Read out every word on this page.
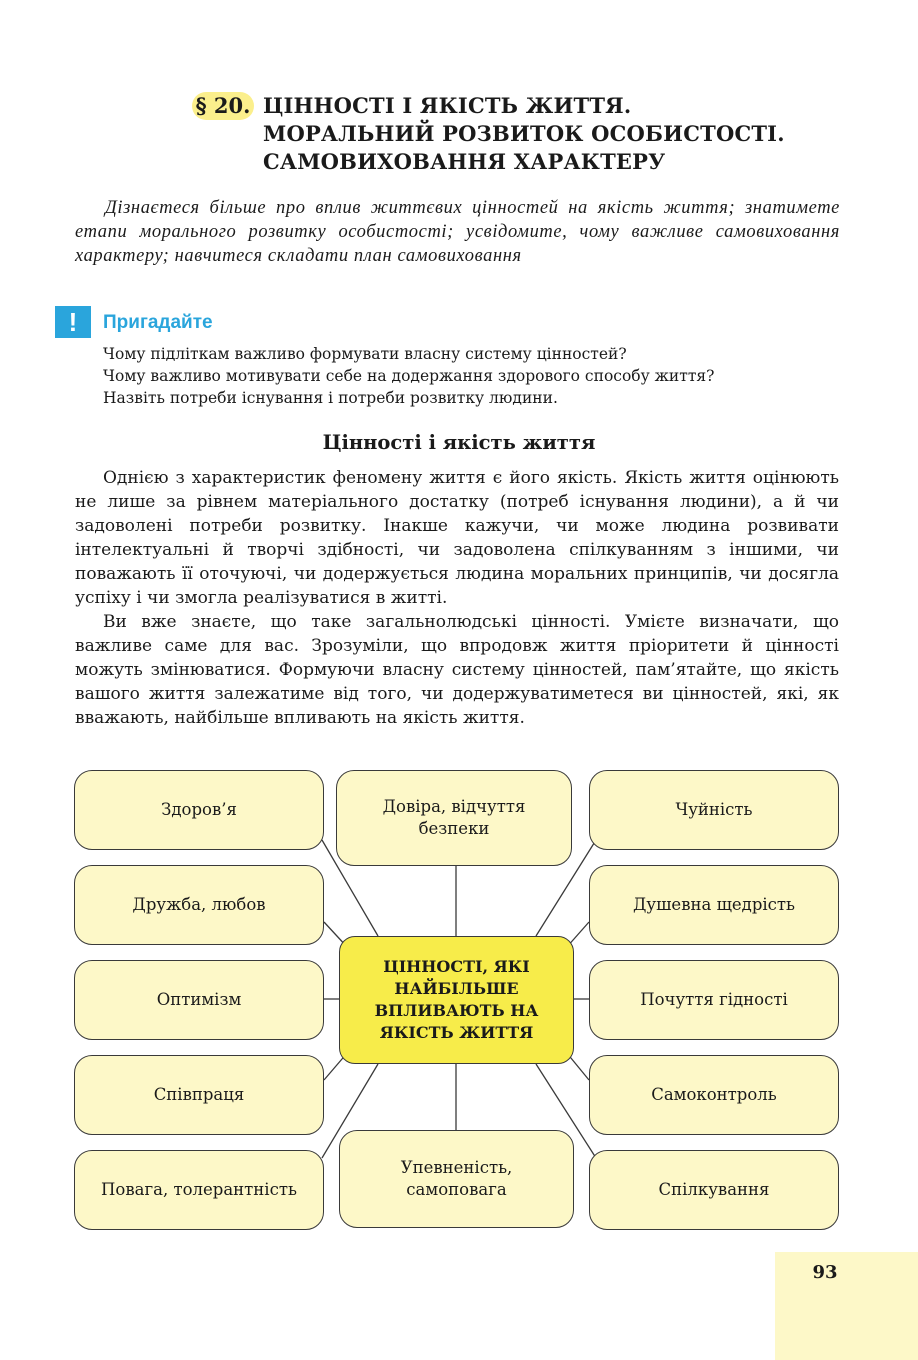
§ 20. ЦІННОСТІ І ЯКІСТЬ ЖИТТЯ.
МОРАЛЬНИЙ РОЗВИТОК ОСОБИСТОСТІ.
САМОВИХОВАННЯ ХАРАКТЕРУ
Дізнаєтеся більше про вплив життєвих цінностей на якість життя; знатимете етапи морального розвитку особистості; усвідомите, чому важливе самовиховання характеру; навчитеся складати план самовиховання
!	Пригадайте
Чому підліткам важливо формувати власну систему цінностей?
Чому важливо мотивувати себе на додержання здорового способу життя?
Назвіть потреби існування і потреби розвитку людини.
Цінності і якість життя

Однією з характеристик феномену життя є його якість. Якість життя оцінюють не лише за рівнем матеріального достатку (потреб існування людини), а й чи задоволені потреби розвитку. Інакше кажучи, чи може людина розвивати інтелектуальні й творчі здібності, чи задоволена спілкуванням з іншими, чи поважають її оточуючі, чи додержується людина моральних принципів, чи досягла успіху і чи змогла реалізуватися в житті.

Ви вже знаєте, що таке загальнолюдські цінності. Умієте визначати, що важливе саме для вас. Зрозуміли, що впродовж життя пріоритети й цінності можуть змінюватися. Формуючи власну систему цінностей, пам’ятайте, що якість вашого життя залежатиме від того, чи додержуватиметеся ви цінностей, які, як вважають, найбільше впливають на якість життя.

Здоров’я
Дружба, любов
Оптимізм
Співпраця
Повага, толерантність
Довіра, відчуття безпеки
ЦІННОСТІ, ЯКІ НАЙБІЛЬШЕ ВПЛИВАЮТЬ НА ЯКІСТЬ ЖИТТЯ
Упевненість, самоповага
Чуйність
Душевна щедрість
Почуття гідності
Самоконтроль
Спілкування
93
